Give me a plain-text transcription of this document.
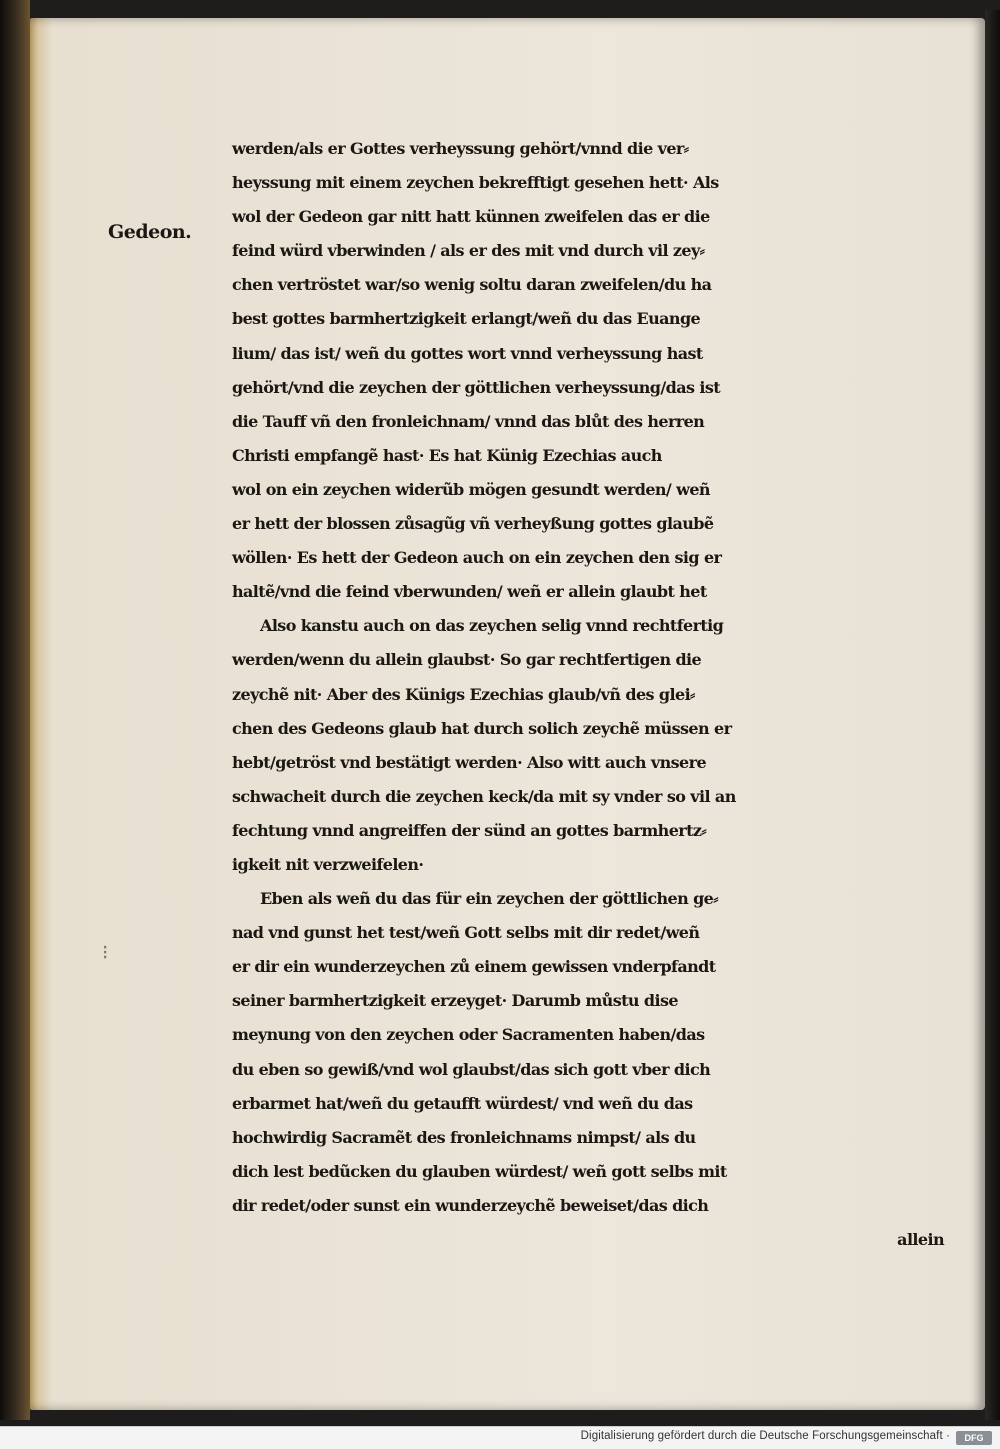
Gedeon.
⁝
werden/als er Gottes verheyssung gehört/vnnd die ver⸗
heyssung mit einem zeychen bekrefftigt gesehen hett· Als
wol der Gedeon gar nitt hatt künnen zweifelen das er die
feind würd vberwinden / als er des mit vnd durch vil zey⸗
chen vertröstet war/so wenig soltu daran zweifelen/du ha
best gottes barmhertzigkeit erlangt/weñ du das Euange
lium/ das ist/ weñ du gottes wort vnnd verheyssung hast
gehört/vnd die zeychen der göttlichen verheyssung/das ist
die Tauff vñ den fronleichnam/ vnnd das blůt des herren
Christi empfangẽ hast· Es hat Künig Ezechias auch
wol on ein zeychen widerũb mögen gesundt werden/ weñ
er hett der blossen zůsagũg vñ verheyßung gottes glaubẽ
wöllen· Es hett der Gedeon auch on ein zeychen den sig er
haltẽ/vnd die feind vberwunden/ weñ er allein glaubt het
Also kanstu auch on das zeychen selig vnnd rechtfertig
werden/wenn du allein glaubst· So gar rechtfertigen die
zeychẽ nit· Aber des Künigs Ezechias glaub/vñ des glei⸗
chen des Gedeons glaub hat durch solich zeychẽ müssen er
hebt/getröst vnd bestätigt werden· Also witt auch vnsere
schwacheit durch die zeychen keck/da mit sy vnder so vil an
fechtung vnnd angreiffen der sünd an gottes barmhertz⸗
igkeit nit verzweifelen·
Eben als weñ du das für ein zeychen der göttlichen ge⸗
nad vnd gunst het test/weñ Gott selbs mit dir redet/weñ
er dir ein wunderzeychen zů einem gewissen vnderpfandt
seiner barmhertzigkeit erzeyget· Darumb můstu dise
meynung von den zeychen oder Sacramenten haben/das
du eben so gewiß/vnd wol glaubst/das sich gott vber dich
erbarmet hat/weñ du getaufft würdest/ vnd weñ du das
hochwirdig Sacramẽt des fronleichnams nimpst/ als du
dich lest bedũcken du glauben würdest/ weñ gott selbs mit
dir redet/oder sunst ein wunderzeychẽ beweiset/das dich
allein
Digitalisierung gefördert durch die Deutsche Forschungsgemeinschaft ·	DFG
